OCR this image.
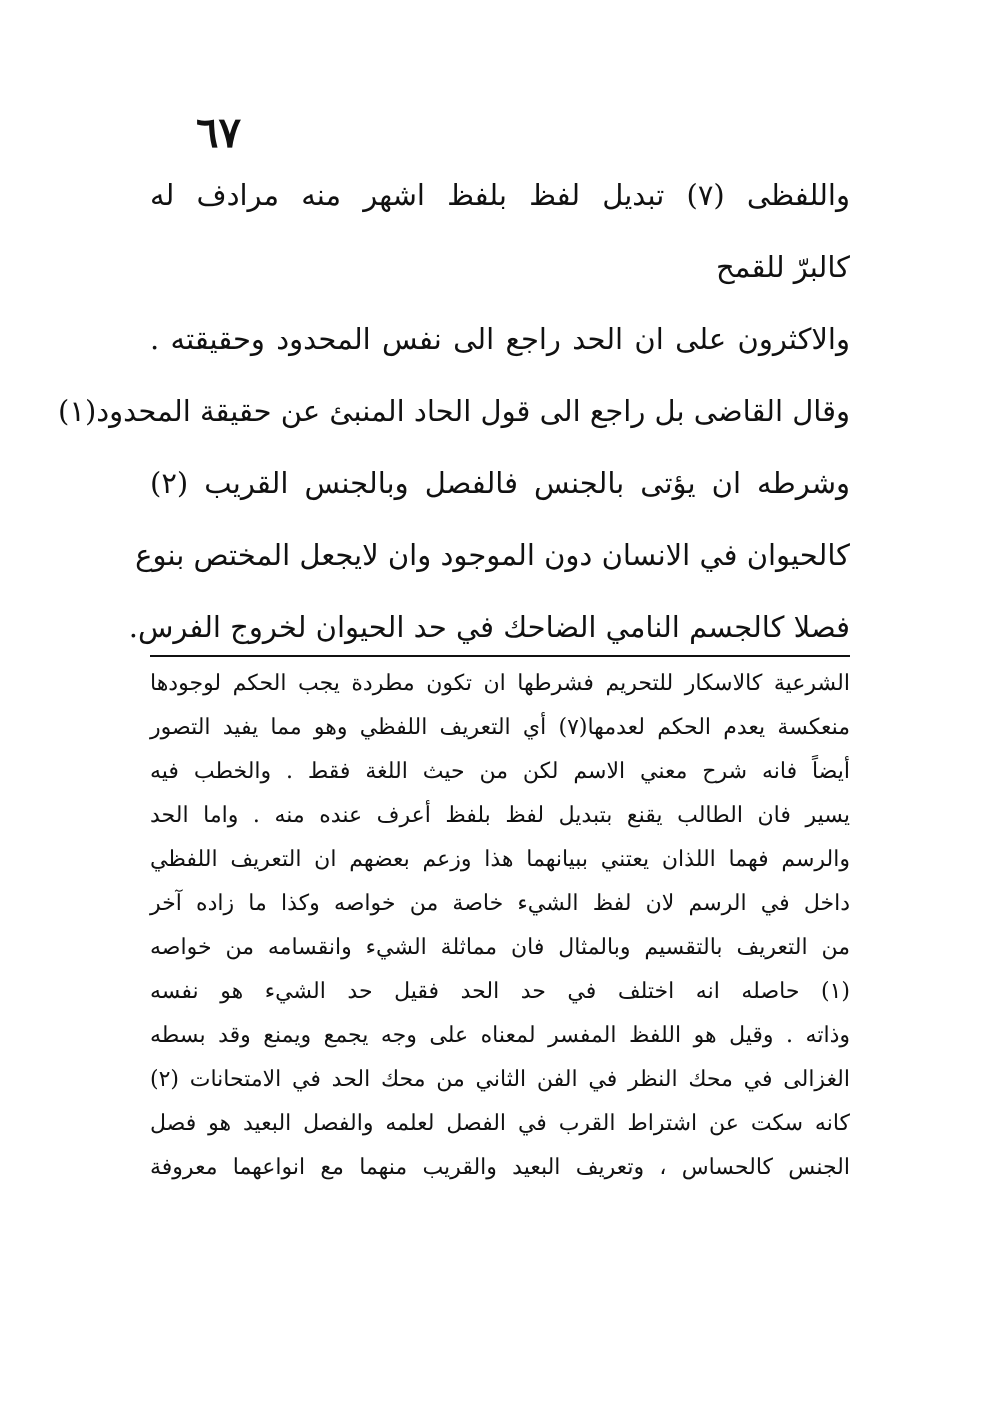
٦٧
واللفظى (٧) تبديل لفظ بلفظ اشهر منه مرادف له
كالبرّ للقمح
والاكثرون على ان الحد راجع الى نفس المحدود وحقيقته .
وقال القاضى بل راجع الى قول الحاد المنبئ عن حقيقة المحدود(١)
وشرطه ان يؤتى بالجنس فالفصل وبالجنس القريب (٢)
كالحيوان في الانسان دون الموجود وان لايجعل المختص بنوع
فصلا كالجسم النامي الضاحك في حد الحيوان لخروج الفرس.
الشرعية كالاسكار للتحريم فشرطها ان تكون مطردة يجب الحكم لوجودها
منعكسة يعدم الحكم لعدمها(٧) أي التعريف اللفظي وهو مما يفيد التصور
أيضاً فانه شرح معني الاسم لكن من حيث اللغة فقط . والخطب فيه
يسير فان الطالب يقنع بتبديل لفظ بلفظ أعرف عنده منه . واما الحد
والرسم فهما اللذان يعتني ببيانهما هذا وزعم بعضهم ان التعريف اللفظي
داخل في الرسم لان لفظ الشيء خاصة من خواصه وكذا ما زاده آخر
من التعريف بالتقسيم وبالمثال فان مماثلة الشيء وانقسامه من خواصه
(١) حاصله انه اختلف في حد الحد فقيل حد الشيء هو نفسه
وذاته . وقيل هو اللفظ المفسر لمعناه على وجه يجمع ويمنع وقد بسطه
الغزالى في محك النظر في الفن الثاني من محك الحد في الامتحانات (٢)
كانه سكت عن اشتراط القرب في الفصل لعلمه والفصل البعيد هو فصل
الجنس كالحساس ، وتعريف البعيد والقريب منهما مع انواعهما معروفة
